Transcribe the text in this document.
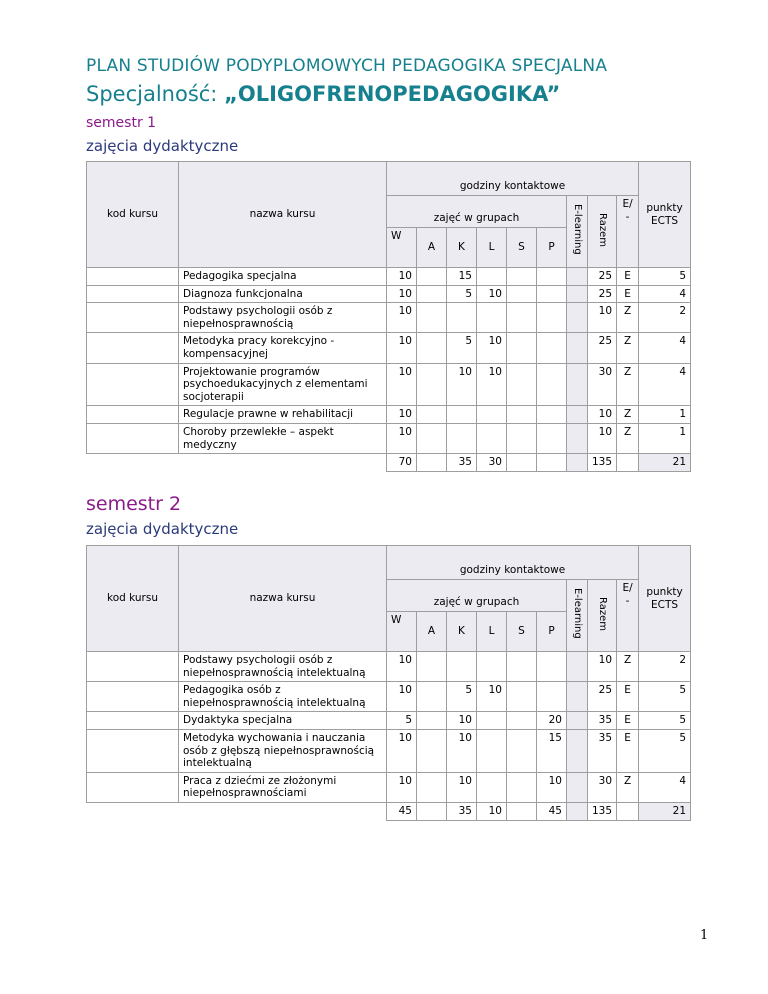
PLAN STUDIÓW PODYPLOMOWYCH PEDAGOGIKA SPECJALNA
Specjalność: „OLIGOFRENOPEDAGOGIKA”
semestr 1
zajęcia dydaktyczne
kod kursu	nazwa kursu	godziny kontaktowe									punkty ECTS
		zajęć w grupach						E-learning	Razem	E/ -	
		W	A	K	L	S	P				
	Pedagogika specjalna	10		15					25	E	5
	Diagnoza funkcjonalna	10		5	10				25	E	4
	Podstawy psychologii osób z niepełnosprawnością	10							10	Z	2
	Metodyka pracy korekcyjno - kompensacyjnej	10		5	10				25	Z	4
	Projektowanie programów psychoedukacyjnych z elementami socjoterapii	10		10	10				30	Z	4
	Regulacje prawne w rehabilitacji	10							10	Z	1
	Choroby przewlekłe – aspekt medyczny	10							10	Z	1
		70		35	30				135		21
semestr 2
zajęcia dydaktyczne
kod kursu	nazwa kursu	godziny kontaktowe									punkty ECTS
		zajęć w grupach						E-learning	Razem	E/ -	
		W	A	K	L	S	P				
	Podstawy psychologii osób z niepełnosprawnością intelektualną	10							10	Z	2
	Pedagogika osób z niepełnosprawnością intelektualną	10		5	10				25	E	5
	Dydaktyka specjalna	5		10			20		35	E	5
	Metodyka wychowania i nauczania osób z głębszą niepełnosprawnością intelektualną	10		10			15		35	E	5
	Praca z dziećmi ze złożonymi niepełnosprawnościami	10		10			10		30	Z	4
		45		35	10		45		135		21
1
